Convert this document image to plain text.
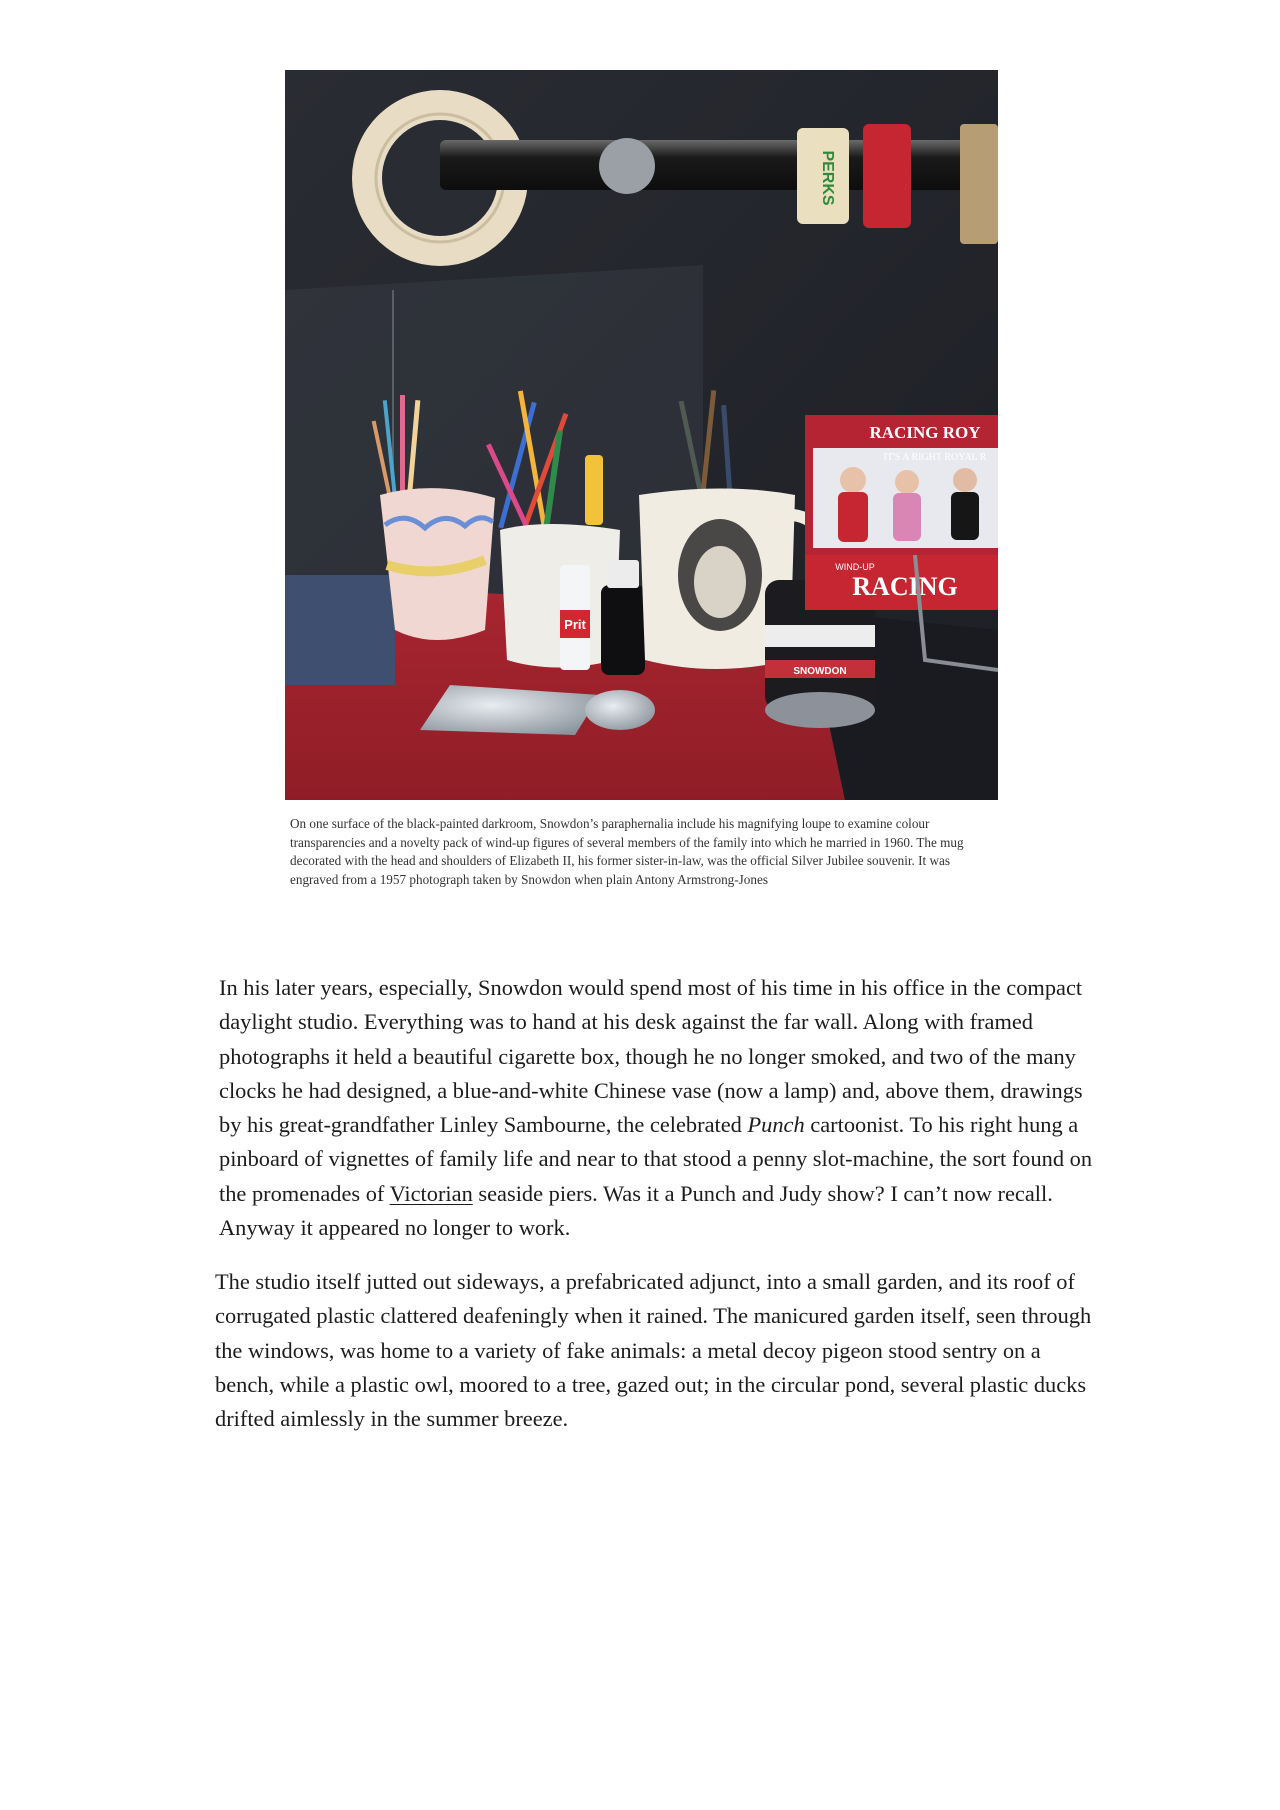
PERKS
Prit
SNOWDON
RACING ROY
IT'S A RIGHT ROYAL R
WIND-UP
RACING

On one surface of the black-painted darkroom, Snowdon’s paraphernalia include his magnifying loupe to examine colour transparencies and a novelty pack of wind-up figures of several members of the family into which he married in 1960. The mug decorated with the head and shoulders of Elizabeth II, his former sister-in-law, was the official Silver Jubilee souvenir. It was engraved from a 1957 photograph taken by Snowdon when plain Antony Armstrong-Jones

In his later years, especially, Snowdon would spend most of his time in his office in the compact daylight studio. Everything was to hand at his desk against the far wall. Along with framed photographs it held a beautiful cigarette box, though he no longer smoked, and two of the many clocks he had designed, a blue-and-white Chinese vase (now a lamp) and, above them, drawings by his great-grandfather Linley Sambourne, the celebrated Punch cartoonist. To his right hung a pinboard of vignettes of family life and near to that stood a penny slot-machine, the sort found on the promenades of Victorian seaside piers. Was it a Punch and Judy show? I can’t now recall. Anyway it appeared no longer to work.

The studio itself jutted out sideways, a prefabricated adjunct, into a small garden, and its roof of corrugated plastic clattered deafeningly when it rained. The manicured garden itself, seen through the windows, was home to a variety of fake animals: a metal decoy pigeon stood sentry on a bench, while a plastic owl, moored to a tree, gazed out; in the circular pond, several plastic ducks drifted aimlessly in the summer breeze.
